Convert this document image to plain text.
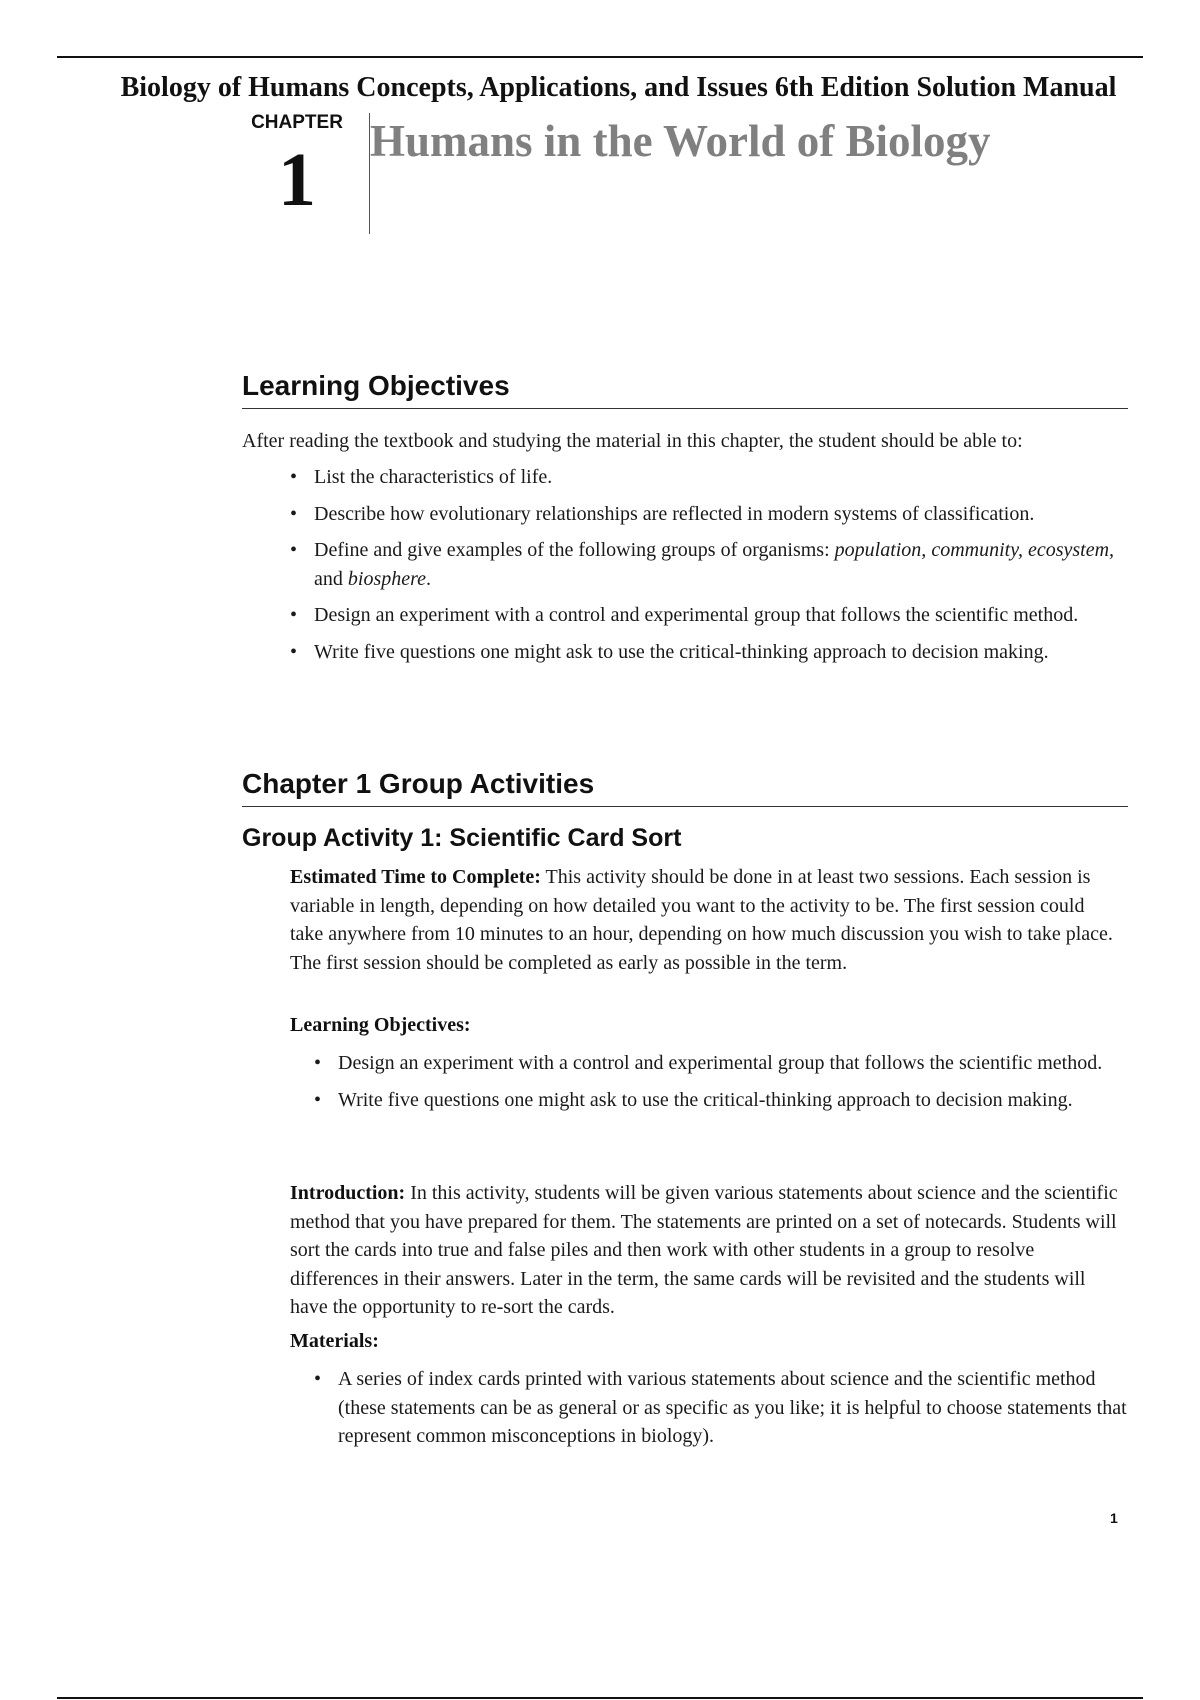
Biology of Humans Concepts, Applications, and Issues 6th Edition Solution Manual
CHAPTER
1	Humans in the World of Biology
Learning Objectives
After reading the textbook and studying the material in this chapter, the student should be able to:
• List the characteristics of life.
• Describe how evolutionary relationships are reflected in modern systems of classification.
• Define and give examples of the following groups of organisms: population, community, ecosystem, and biosphere.
• Design an experiment with a control and experimental group that follows the scientific method.
• Write five questions one might ask to use the critical-thinking approach to decision making.
Chapter 1 Group Activities
Group Activity 1: Scientific Card Sort
Estimated Time to Complete: This activity should be done in at least two sessions. Each session is variable in length, depending on how detailed you want to the activity to be. The first session could take anywhere from 10 minutes to an hour, depending on how much discussion you wish to take place. The first session should be completed as early as possible in the term.
Learning Objectives:
• Design an experiment with a control and experimental group that follows the scientific method.
• Write five questions one might ask to use the critical-thinking approach to decision making.
Introduction: In this activity, students will be given various statements about science and the scientific method that you have prepared for them. The statements are printed on a set of notecards. Students will sort the cards into true and false piles and then work with other students in a group to resolve differences in their answers. Later in the term, the same cards will be revisited and the students will have the opportunity to re-sort the cards.
Materials:
• A series of index cards printed with various statements about science and the scientific method (these statements can be as general or as specific as you like; it is helpful to choose statements that represent common misconceptions in biology).
1
